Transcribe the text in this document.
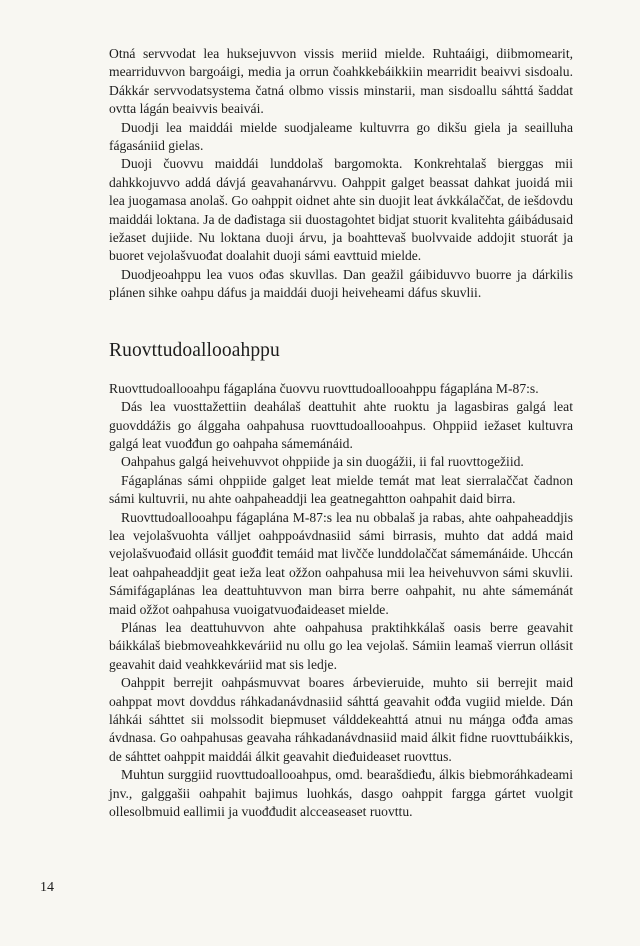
Otná servvodat lea huksejuvvon vissis meriid mielde. Ruhtaáigi, diibmomearit, mearriduvvon bargoáigi, media ja orrun čoahkkebáikkiin mearridit beaivvi sisdoalu. Dákkár servvodatsystema čatná olbmo vissis minstarii, man sisdoallu sáhttá šaddat ovtta lágán beaivvis beaivái.

Duodji lea maiddái mielde suodjaleame kultuvrra go dikšu giela ja seailluha fágasániid gielas.

Duoji čuovvu maiddái lunddolaš bargomokta. Konkrehtalaš bierggas mii dahkkojuvvo addá dávjá geavahanárvvu. Oahppit galget beassat dahkat juoidá mii lea juogamasa anolaš. Go oahppit oidnet ahte sin duojit leat ávkkálaččat, de iešdovdu maiddái loktana. Ja de dađistaga sii duostagohtet bidjat stuorit kvalitehta gáibádusaid iežaset dujiide. Nu loktana duoji árvu, ja boahttevaš buolvvaide addojit stuorát ja buoret vejolašvuođat doalahit duoji sámi eavttuid mielde.

Duodjeoahppu lea vuos ođas skuvllas. Dan geažil gáibiduvvo buorre ja dárkilis plánen sihke oahpu dáfus ja maiddái duoji heiveheami dáfus skuvlii.

Ruovttudoallooahppu

Ruovttudoallooahpu fágaplána čuovvu ruovttudoallooahppu fágaplána M-87:s.

Dás lea vuosttažettiin deahálaš deattuhit ahte ruoktu ja lagasbiras galgá leat guovddážis go álggaha oahpahusa ruovttudoallooahpus. Ohppiid iežaset kultuvra galgá leat vuođđun go oahpaha sámemánáid.

Oahpahus galgá heivehuvvot ohppiide ja sin duogážii, ii fal ruovttogežiid.

Fágaplánas sámi ohppiide galget leat mielde temát mat leat sierralaččat čadnon sámi kultuvrii, nu ahte oahpaheaddji lea geatnegahtton oahpahit daid birra.

Ruovttudoallooahpu fágaplána M-87:s lea nu obbalaš ja rabas, ahte oahpaheaddjis lea vejolašvuohta válljet oahppoávdnasiid sámi birrasis, muhto dat addá maid vejolašvuođaid ollásit guođđit temáid mat livčče lunddolaččat sámemánáide. Uhccán leat oahpaheaddjit geat ieža leat ožžon oahpahusa mii lea heivehuvvon sámi skuvlii. Sámifágaplánas lea deattuhtuvvon man birra berre oahpahit, nu ahte sámemánát maid ožžot oahpahusa vuoigatvuođaideaset mielde.

Plánas lea deattuhuvvon ahte oahpahusa praktihkkálaš oasis berre geavahit báikkálaš biebmoveahkkeváriid nu ollu go lea vejolaš. Sámiin leamaš vierrun ollásit geavahit daid veahkkeváriid mat sis ledje.

Oahppit berrejit oahpásmuvvat boares árbevieruide, muhto sii berrejit maid oahppat movt dovddus ráhkadanávdnasiid sáhttá geavahit ođđa vugiid mielde. Dán láhkái sáhttet sii molssodit biepmuset válddekeahttá atnui nu máŋga ođđa amas ávdnasa. Go oahpahusas geavaha ráhkadanávdnasiid maid álkit fidne ruovttubáikkis, de sáhttet oahppit maiddái álkit geavahit dieđuideaset ruovttus.

Muhtun surggiid ruovttudoallooahpus, omd. bearašdieđu, álkis biebmoráhkadeami jnv., galggašii oahpahit bajimus luohkás, dasgo oahppit fargga gártet vuolgit ollesolbmuid eallimii ja vuođđudit alcceaseaset ruovttu.

14
